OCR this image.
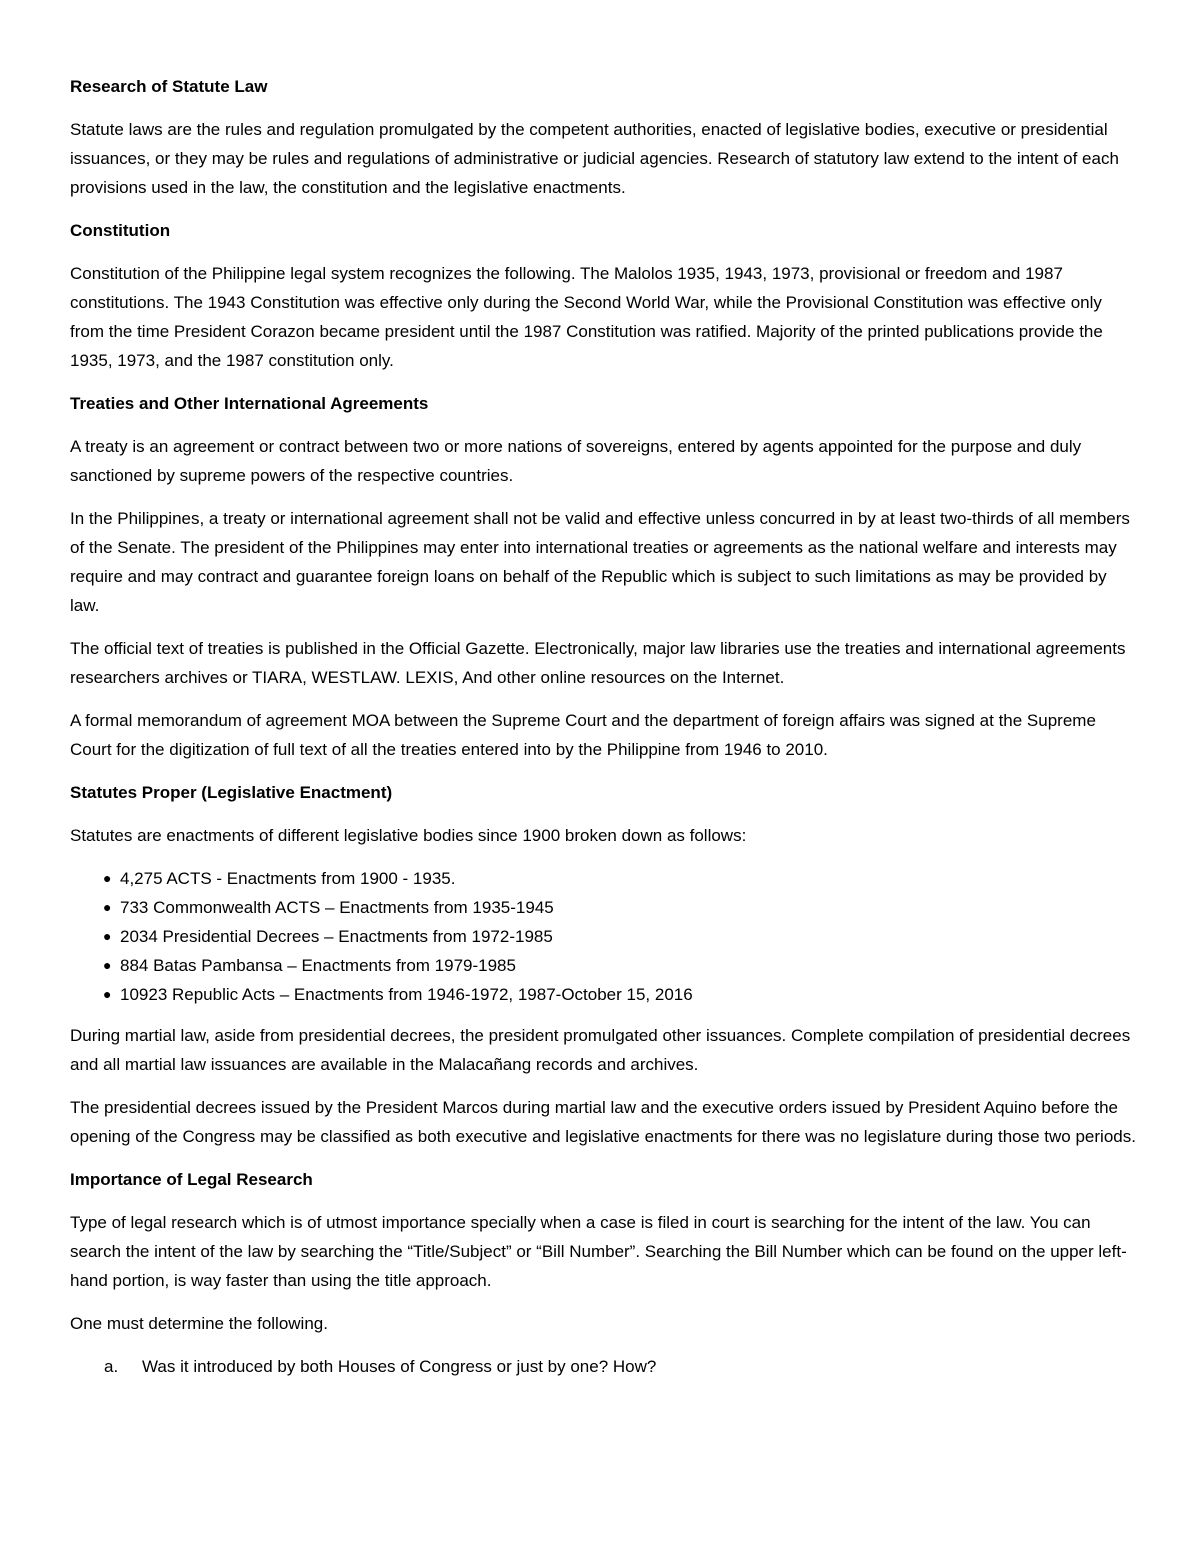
Research of Statute Law
Statute laws are the rules and regulation promulgated by the competent authorities, enacted of legislative bodies, executive or presidential issuances, or they may be rules and regulations of administrative or judicial agencies. Research of statutory law extend to the intent of each provisions used in the law, the constitution and the legislative enactments.
Constitution
Constitution of the Philippine legal system recognizes the following. The Malolos 1935, 1943, 1973, provisional or freedom and 1987 constitutions. The 1943 Constitution was effective only during the Second World War, while the Provisional Constitution was effective only from the time President Corazon became president until the 1987 Constitution was ratified. Majority of the printed publications provide the 1935, 1973, and the 1987 constitution only.
Treaties and Other International Agreements
A treaty is an agreement or contract between two or more nations of sovereigns, entered by agents appointed for the purpose and duly sanctioned by supreme powers of the respective countries.
In the Philippines, a treaty or international agreement shall not be valid and effective unless concurred in by at least two-thirds of all members of the Senate. The president of the Philippines may enter into international treaties or agreements as the national welfare and interests may require and may contract and guarantee foreign loans on behalf of the Republic which is subject to such limitations as may be provided by law.
The official text of treaties is published in the Official Gazette. Electronically, major law libraries use the treaties and international agreements researchers archives or TIARA, WESTLAW. LEXIS, And other online resources on the Internet.
A formal memorandum of agreement MOA between the Supreme Court and the department of foreign affairs was signed at the Supreme Court for the digitization of full text of all the treaties entered into by the Philippine from 1946 to 2010.
Statutes Proper (Legislative Enactment)
Statutes are enactments of different legislative bodies since 1900 broken down as follows:
● 4,275 ACTS - Enactments from 1900 - 1935.
● 733 Commonwealth ACTS – Enactments from 1935-1945
● 2034 Presidential Decrees – Enactments from 1972-1985
● 884 Batas Pambansa – Enactments from 1979-1985
● 10923 Republic Acts – Enactments from 1946-1972, 1987-October 15, 2016
During martial law, aside from presidential decrees, the president promulgated other issuances. Complete compilation of presidential decrees and all martial law issuances are available in the Malacañang records and archives.
The presidential decrees issued by the President Marcos during martial law and the executive orders issued by President Aquino before the opening of the Congress may be classified as both executive and legislative enactments for there was no legislature during those two periods.
Importance of Legal Research
Type of legal research which is of utmost importance specially when a case is filed in court is searching for the intent of the law. You can search the intent of the law by searching the “Title/Subject” or “Bill Number”. Searching the Bill Number which can be found on the upper left-hand portion, is way faster than using the title approach.
One must determine the following.
a. Was it introduced by both Houses of Congress or just by one? How?
